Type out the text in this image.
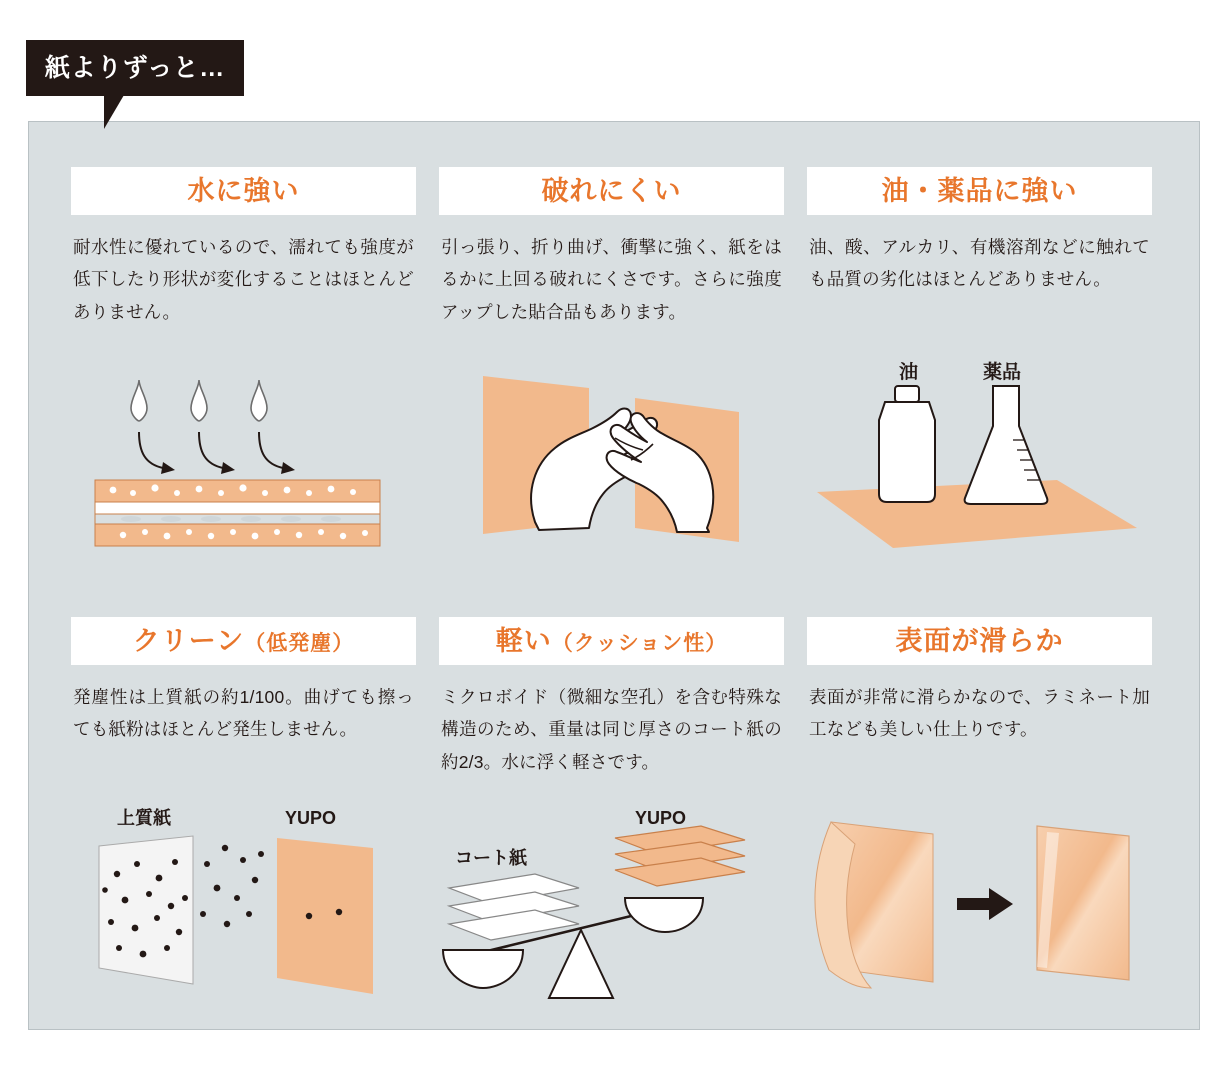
紙よりずっと…
水に強い
耐水性に優れているので、濡れても強度が低下したり形状が変化することはほとんどありません。
破れにくい
引っ張り、折り曲げ、衝撃に強く、紙をはるかに上回る破れにくさです。さらに強度アップした貼合品もあります。
油・薬品に強い
油、酸、アルカリ、有機溶剤などに触れても品質の劣化はほとんどありません。
油	薬品
クリーン（低発塵）
発塵性は上質紙の約1/100。曲げても擦っても紙粉はほとんど発生しません。
上質紙	YUPO
軽い（クッション性）
ミクロボイド（微細な空孔）を含む特殊な構造のため、重量は同じ厚さのコート紙の約2/3。水に浮く軽さです。
コート紙
YUPO
表面が滑らか
表面が非常に滑らかなので、ラミネート加工なども美しい仕上りです。
